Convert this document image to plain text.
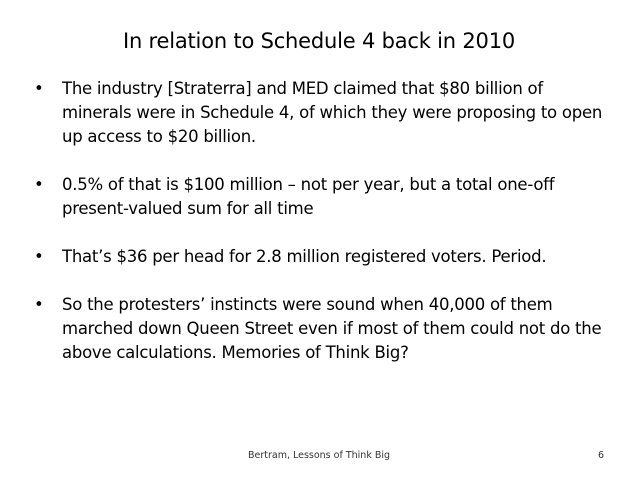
In relation to Schedule 4 back in 2010
• The industry [Straterra] and MED claimed that $80 billion of minerals were in Schedule 4, of which they were proposing to open up access to $20 billion.
• 0.5% of that is $100 million – not per year, but a total one-off present-valued sum for all time
• That’s $36 per head for 2.8 million registered voters. Period.
• So the protesters’ instincts were sound when 40,000 of them marched down Queen Street even if most of them could not do the above calculations. Memories of Think Big?
Bertram, Lessons of Think Big	6
